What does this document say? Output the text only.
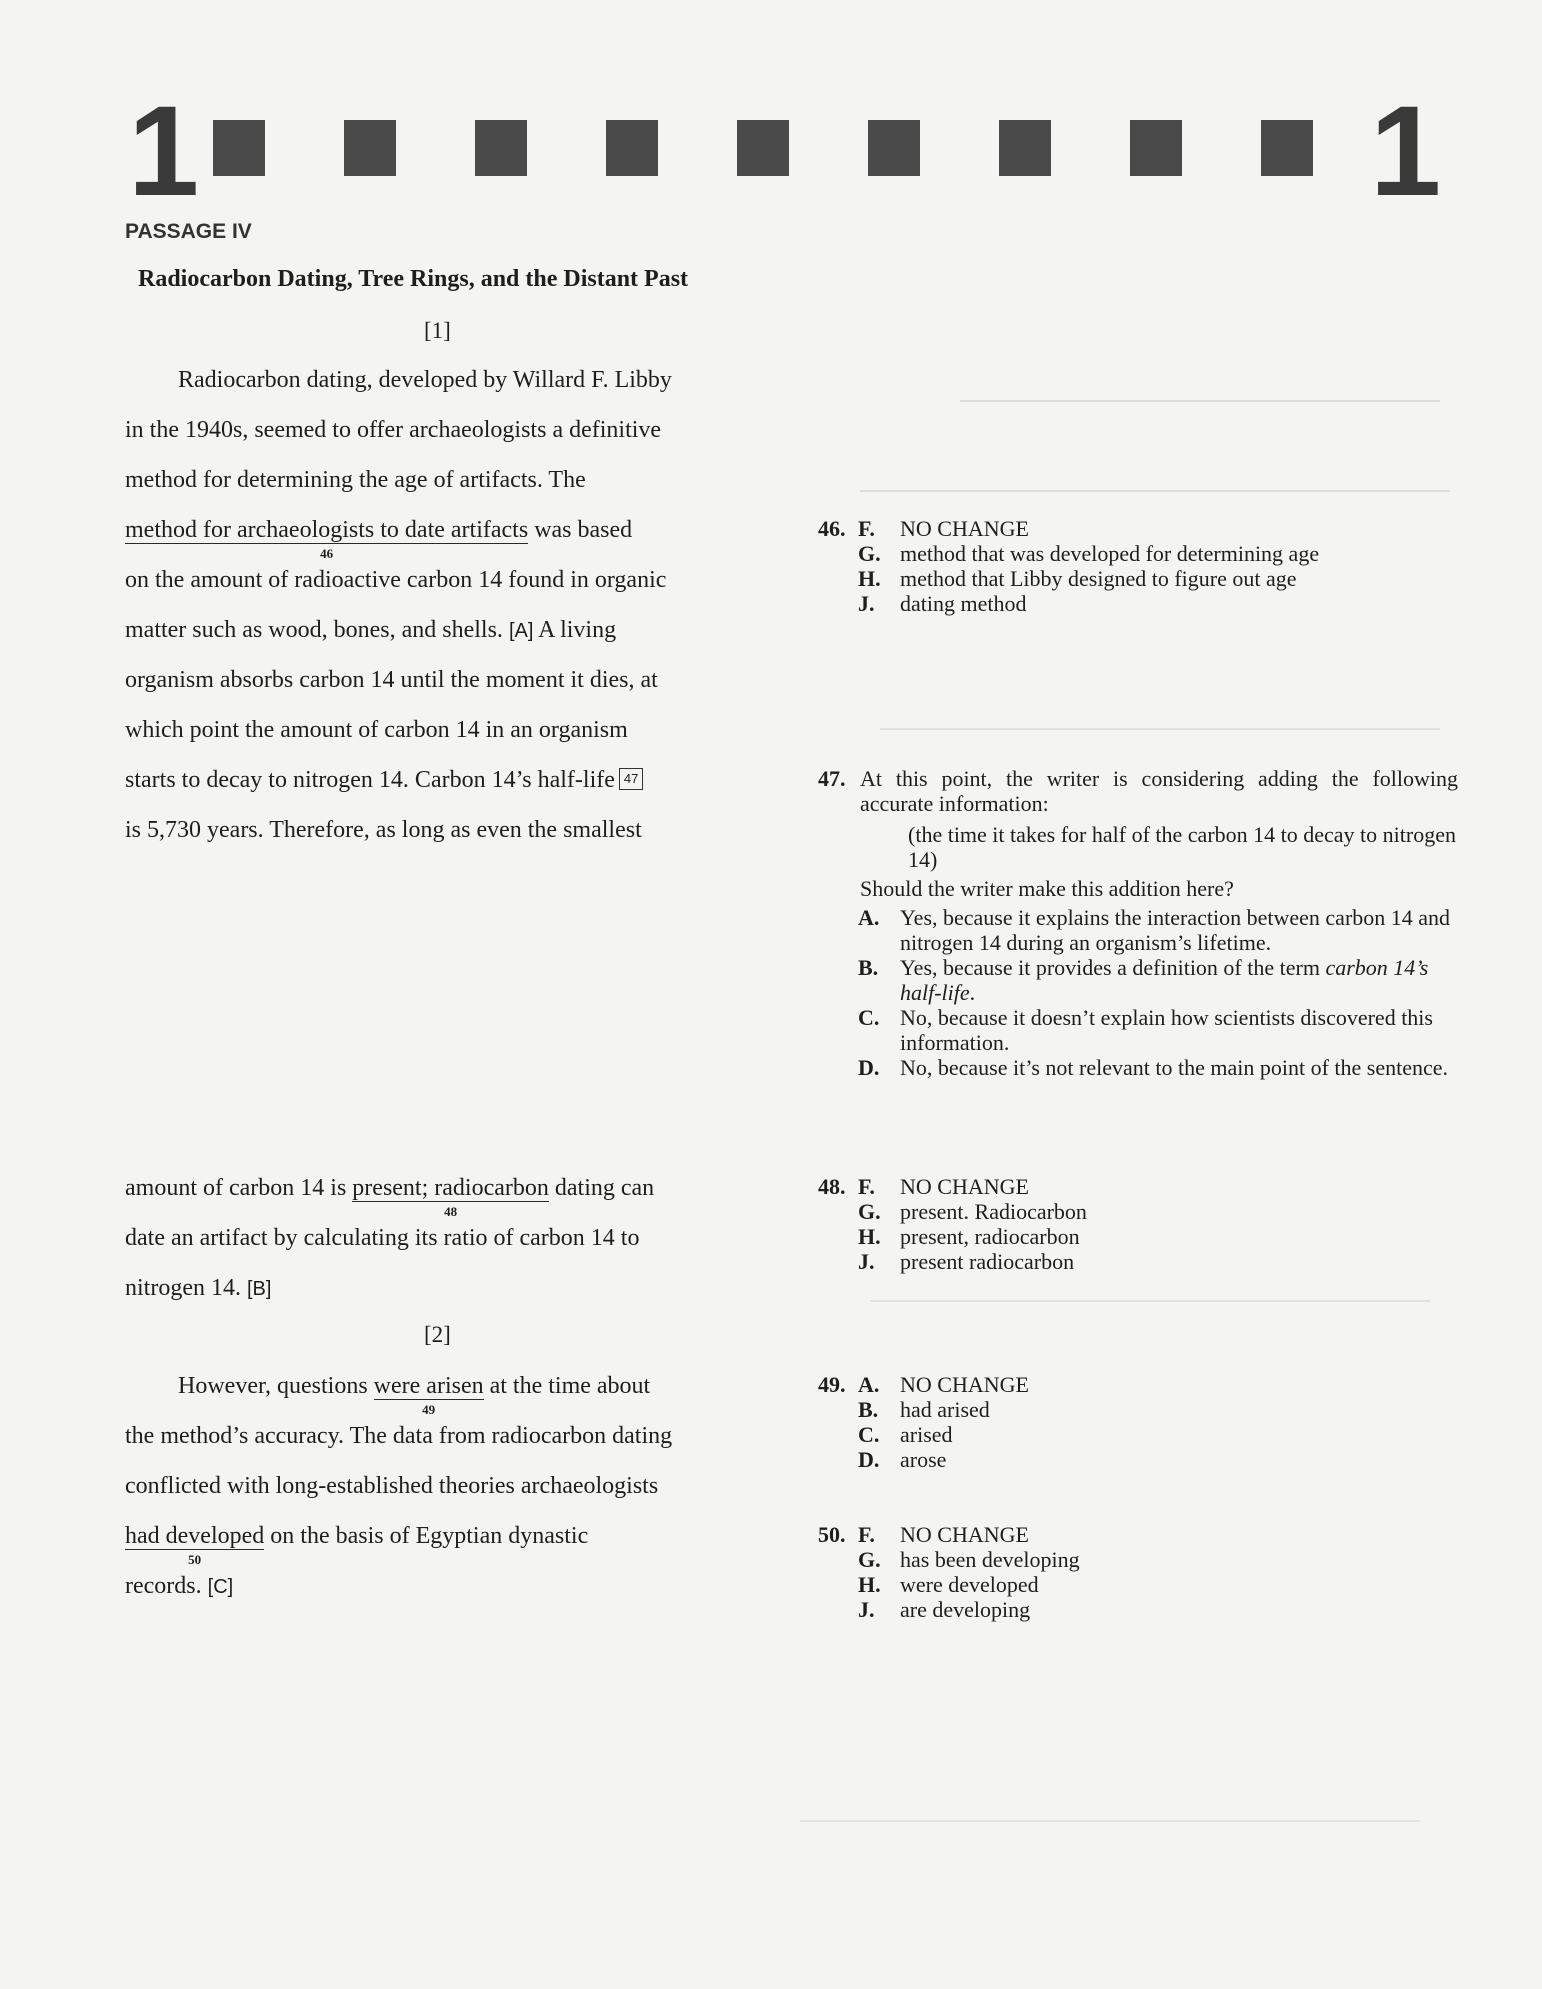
1	1
PASSAGE IV
Radiocarbon Dating, Tree Rings, and the Distant Past
[1]
Radiocarbon dating, developed by Willard F. Libby
in the 1940s, seemed to offer archaeologists a definitive
method for determining the age of artifacts. The
method for archaeologists to date artifacts
46
was based
on the amount of radioactive carbon 14 found in organic
matter such as wood, bones, and shells. [A] A living
organism absorbs carbon 14 until the moment it dies, at
which point the amount of carbon 14 in an organism
starts to decay to nitrogen 14. Carbon 14’s half-life 47
is 5,730 years. Therefore, as long as even the smallest
amount of carbon 14 is present; radiocarbon
48
dating can
date an artifact by calculating its ratio of carbon 14 to
nitrogen 14. [B]
[2]
However, questions were arisen
49
at the time about
the method’s accuracy. The data from radiocarbon dating
conflicted with long-established theories archaeologists
had developed
50
on the basis of Egyptian dynastic
records. [C]
46. F. NO CHANGE
G. method that was developed for determining age
H. method that Libby designed to figure out age
J. dating method
47. At this point, the writer is considering adding the following accurate information:
(the time it takes for half of the carbon 14 to decay to nitrogen 14)
Should the writer make this addition here?
A. Yes, because it explains the interaction between carbon 14 and nitrogen 14 during an organism’s lifetime.
B. Yes, because it provides a definition of the term carbon 14’s half-life.
C. No, because it doesn’t explain how scientists discovered this information.
D. No, because it’s not relevant to the main point of the sentence.
48. F. NO CHANGE
G. present. Radiocarbon
H. present, radiocarbon
J. present radiocarbon
49. A. NO CHANGE
B. had arised
C. arised
D. arose
50. F. NO CHANGE
G. has been developing
H. were developed
J. are developing
